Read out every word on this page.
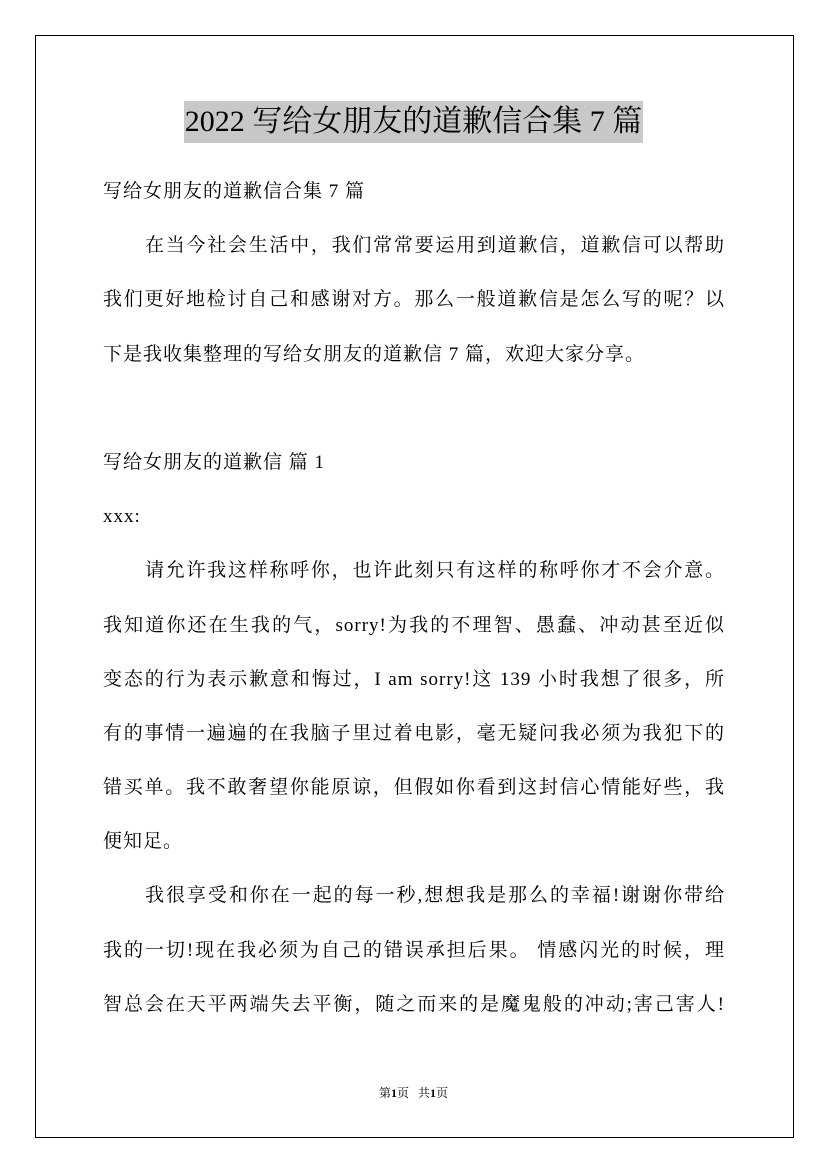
2022 写给女朋友的道歉信合集 7 篇
写给女朋友的道歉信合集 7 篇
在当今社会生活中，我们常常要运用到道歉信，道歉信可以帮助
我们更好地检讨自己和感谢对方。那么一般道歉信是怎么写的呢？以
下是我收集整理的写给女朋友的道歉信 7 篇，欢迎大家分享。
写给女朋友的道歉信 篇 1
xxx:
请允许我这样称呼你，也许此刻只有这样的称呼你才不会介意。
我知道你还在生我的气，sorry!为我的不理智、愚蠢、冲动甚至近似
变态的行为表示歉意和悔过，I am sorry!这 139 小时我想了很多，所
有的事情一遍遍的在我脑子里过着电影，毫无疑问我必须为我犯下的
错买单。我不敢奢望你能原谅，但假如你看到这封信心情能好些，我
便知足。
我很享受和你在一起的每一秒,想想我是那么的幸福!谢谢你带给
我的一切!现在我必须为自己的错误承担后果。 情感闪光的时候，理
智总会在天平两端失去平衡，随之而来的是魔鬼般的冲动;害己害人!
第1页 共1页
